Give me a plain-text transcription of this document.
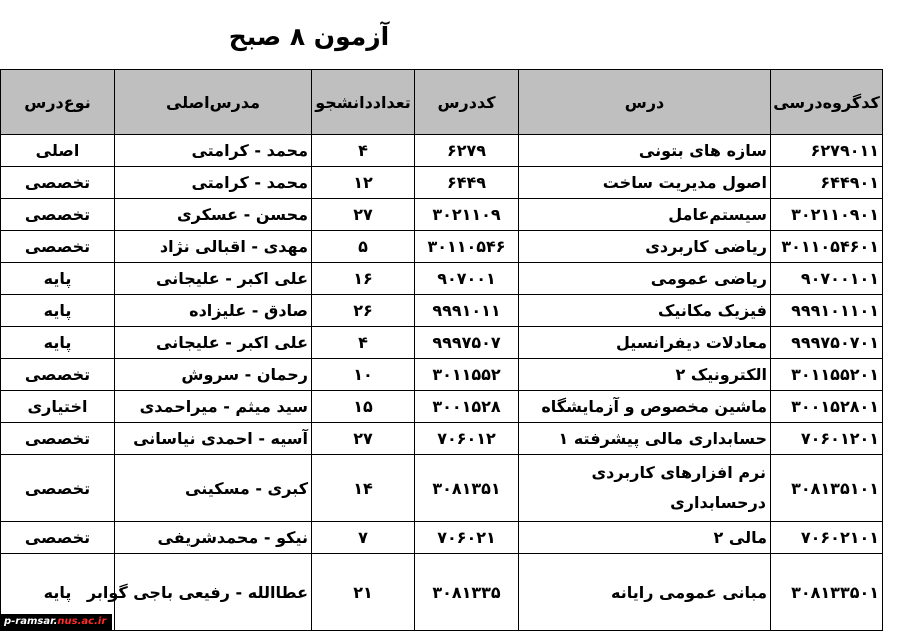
آزمون ۸ صبح
کدگروه‌درسی	درس	کددرس	تعداددانشجو	مدرس‌اصلی	نوع‌درس
۶۲۷۹۰۱۱	سازه های بتونی	۶۲۷۹	۴	محمد - کرامتی	اصلی
۶۴۴۹۰۱	اصول مدیریت ساخت	۶۴۴۹	۱۲	محمد - کرامتی	تخصصی
۳۰۲۱۱۰۹۰۱	سیستم‌عامل	۳۰۲۱۱۰۹	۲۷	محسن - عسکری	تخصصی
۳۰۱۱۰۵۴۶۰۱	ریاضی کاربردی	۳۰۱۱۰۵۴۶	۵	مهدی - اقبالی نژاد	تخصصی
۹۰۷۰۰۱۰۱	ریاضی عمومی	۹۰۷۰۰۱	۱۶	علی اکبر - علیجانی	پایه
۹۹۹۱۰۱۱۰۱	فیزیک مکانیک	۹۹۹۱۰۱۱	۲۶	صادق - علیزاده	پایه
۹۹۹۷۵۰۷۰۱	معادلات دیفرانسیل	۹۹۹۷۵۰۷	۴	علی اکبر - علیجانی	پایه
۳۰۱۱۵۵۲۰۱	الکترونیک ۲	۳۰۱۱۵۵۲	۱۰	رحمان - سروش	تخصصی
۳۰۰۱۵۲۸۰۱	ماشین مخصوص و آزمایشگاه	۳۰۰۱۵۲۸	۱۵	سید میثم - میراحمدی	اختیاری
۷۰۶۰۱۲۰۱	حسابداری مالی پیشرفته ۱	۷۰۶۰۱۲	۲۷	آسیه - احمدی نیاسانی	تخصصی
۳۰۸۱۳۵۱۰۱	نرم افزارهای کاربردی درحسابداری	۳۰۸۱۳۵۱	۱۴	کبری - مسکینی	تخصصی
۷۰۶۰۲۱۰۱	مالی ۲	۷۰۶۰۲۱	۷	نیکو - محمدشریفی	تخصصی
۳۰۸۱۳۳۵۰۱	مبانی عمومی رایانه	۳۰۸۱۳۳۵	۲۱	عطاالله - رفیعی باجی گوابر	پایه
p-ramsar.nus.ac.ir
